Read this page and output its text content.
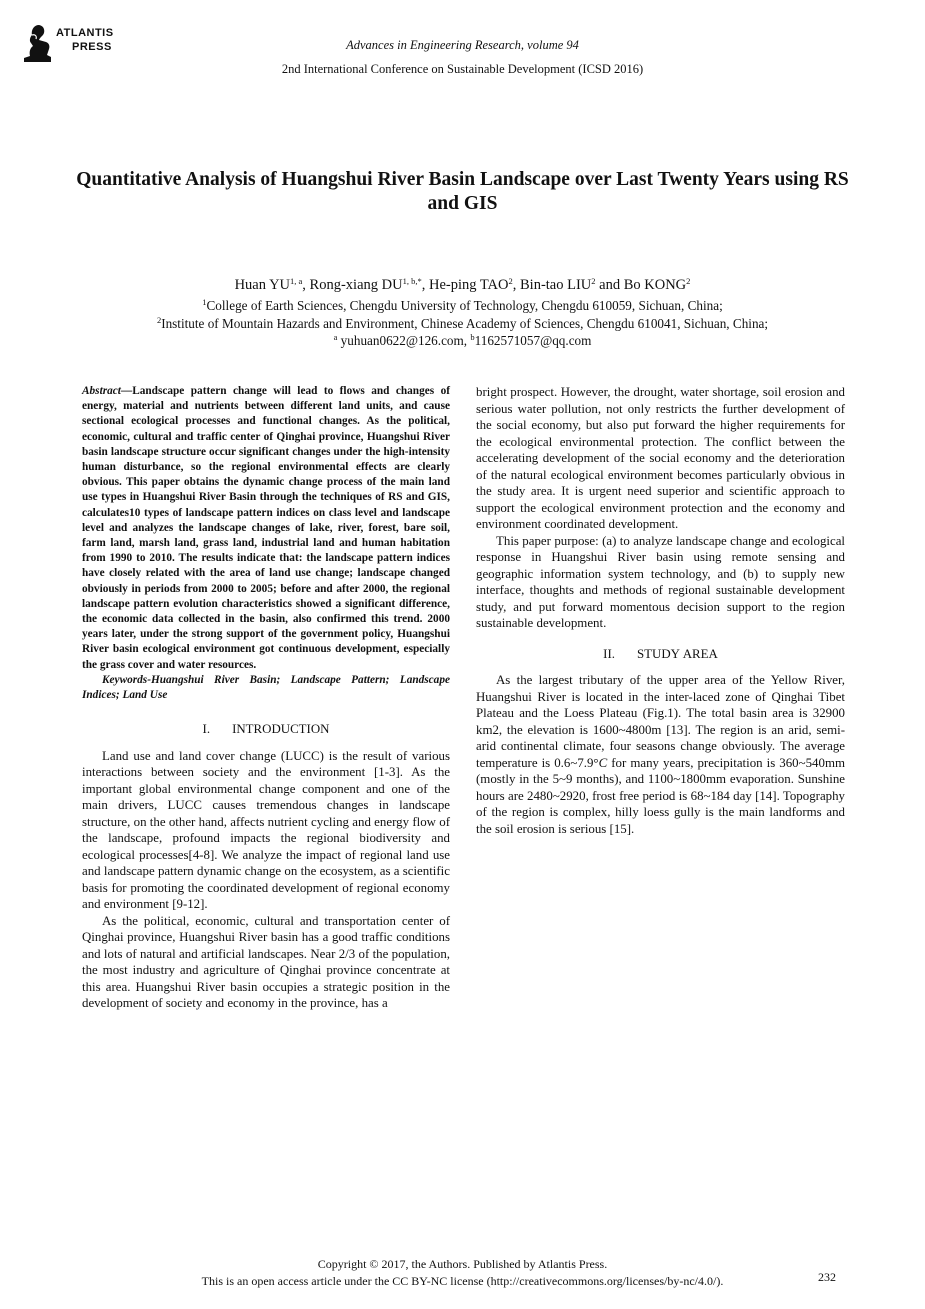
ATLANTIS
PRESS	Advances in Engineering Research, volume 94
2nd International Conference on Sustainable Development (ICSD 2016)
Quantitative Analysis of Huangshui River Basin Landscape over Last Twenty Years using RS and GIS
Huan YU$^{1, a}$, Rong-xiang $DU^{1, b,*}$, He-ping TAO$^2$, Bin-tao LIU$^2$ and Bo KONG$^2$
$^1$College of Earth Sciences, Chengdu University of Technology, Chengdu 610059, Sichuan, China;
$^2$Institute of Mountain Hazards and Environment, Chinese Academy of Sciences, Chengdu 610041, Sichuan, China;
$^a$ yuhuan0622@126.com, $^b$1162571057@qq.com

Abstract—Landscape pattern change will lead to flows and changes of energy, material and nutrients between different land units, and cause sectional ecological processes and functional changes. As the political, economic, cultural and traffic center of Qinghai province, Huangshui River basin landscape structure occur significant changes under the high-intensity human disturbance, so the regional environmental effects are clearly obvious. This paper obtains the dynamic change process of the main land use types in Huangshui River Basin through the techniques of RS and GIS, calculates10 types of landscape pattern indices on class level and landscape level and analyzes the landscape changes of lake, river, forest, bare soil, farm land, marsh land, grass land, industrial land and human habitation from 1990 to 2010. The results indicate that: the landscape pattern indices have closely related with the area of land use change; landscape changed obviously in periods from 2000 to 2005; before and after 2000, the regional landscape pattern evolution characteristics showed a significant difference, the economic data collected in the basin, also confirmed this trend. 2000 years later, under the strong support of the government policy, Huangshui River basin ecological environment got continuous development, especially the grass cover and water resources.

Keywords-Huangshui River Basin; Landscape Pattern; Landscape Indices; Land Use

I. INTRODUCTION

Land use and land cover change (LUCC) is the result of various interactions between society and the environment [1-3]. As the important global environmental change component and one of the main drivers, LUCC causes tremendous changes in landscape structure, on the other hand, affects nutrient cycling and energy flow of the landscape, profound impacts the regional biodiversity and ecological processes[4-8]. We analyze the impact of regional land use and landscape pattern dynamic change on the ecosystem, as a scientific basis for promoting the coordinated development of regional economy and environment [9-12].

As the political, economic, cultural and transportation center of Qinghai province, Huangshui River basin has a good traffic conditions and lots of natural and artificial landscapes. Near 2/3 of the population, the most industry and agriculture of Qinghai province concentrate at this area. Huangshui River basin occupies a strategic position in the development of society and economy in the province, has a

bright prospect. However, the drought, water shortage, soil erosion and serious water pollution, not only restricts the further development of the social economy, but also put forward the higher requirements for the ecological environmental protection. The conflict between the accelerating development of the social economy and the deterioration of the natural ecological environment becomes particularly obvious in the study area. It is urgent need superior and scientific approach to support the ecological environment protection and the economy and environment coordinated development.

This paper purpose: (a) to analyze landscape change and ecological response in Huangshui River basin using remote sensing and geographic information system technology, and (b) to supply new interface, thoughts and methods of regional sustainable development study, and put forward momentous decision support to the region sustainable development.

II. STUDY AREA

As the largest tributary of the upper area of the Yellow River, Huangshui River is located in the inter-laced zone of Qinghai Tibet Plateau and the Loess Plateau (Fig.1). The total basin area is 32900 km2, the elevation is 1600~4800m [13]. The region is an arid, semi-arid continental climate, four seasons change obviously. The average temperature is 0.6~7.9°C for many years, precipitation is 360~540mm (mostly in the 5~9 months), and 1100~1800mm evaporation. Sunshine hours are 2480~2920, frost free period is 68~184 day [14]. Topography of the region is complex, hilly loess gully is the main landforms and the soil erosion is serious [15].

Copyright © 2017, the Authors. Published by Atlantis Press.
This is an open access article under the CC BY-NC license (http://creativecommons.org/licenses/by-nc/4.0/).	232
